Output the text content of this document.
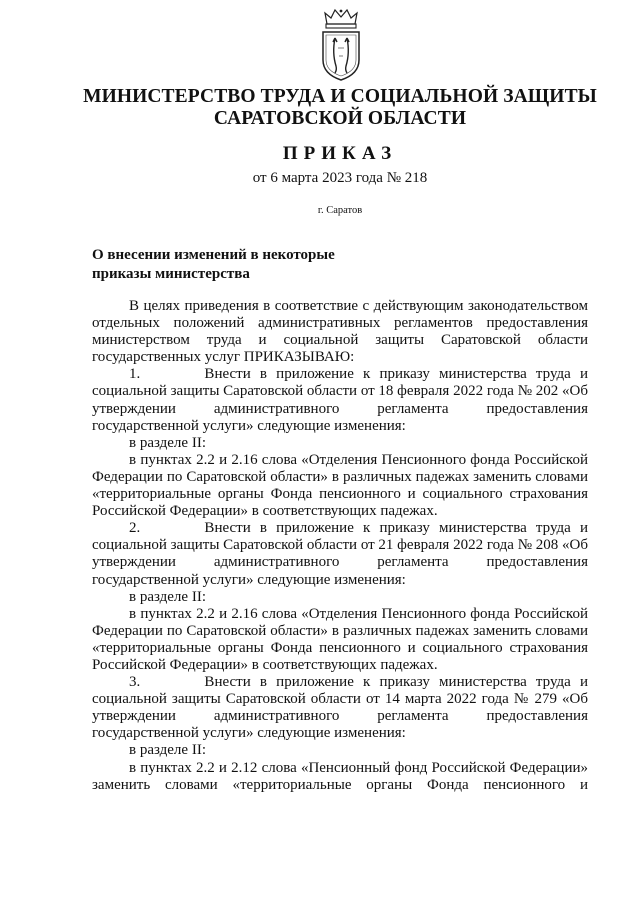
МИНИСТЕРСТВО ТРУДА И СОЦИАЛЬНОЙ ЗАЩИТЫ
САРАТОВСКОЙ ОБЛАСТИ
ПРИКАЗ
от 6 марта 2023 года № 218
г. Саратов
О внесении изменений в некоторые
приказы министерства

В целях приведения в соответствие с действующим законодательством отдельных положений административных регламентов предоставления министерством труда и социальной защиты Саратовской области государственных услуг ПРИКАЗЫВАЮ:

1.       Внести в приложение к приказу министерства труда и социальной защиты Саратовской области от 18 февраля 2022 года № 202 «Об утверждении административного регламента предоставления государственной услуги» следующие изменения:

в разделе II:

в пунктах 2.2 и 2.16 слова «Отделения Пенсионного фонда Российской Федерации по Саратовской области» в различных падежах заменить словами «территориальные органы Фонда пенсионного и социального страхования Российской Федерации» в соответствующих падежах.

2.       Внести в приложение к приказу министерства труда и социальной защиты Саратовской области от 21 февраля 2022 года № 208 «Об утверждении административного регламента предоставления государственной услуги» следующие изменения:

в разделе II:

в пунктах 2.2 и 2.16 слова «Отделения Пенсионного фонда Российской Федерации по Саратовской области» в различных падежах заменить словами «территориальные органы Фонда пенсионного и социального страхования Российской Федерации» в соответствующих падежах.

3.       Внести в приложение к приказу министерства труда и социальной защиты Саратовской области от 14 марта 2022 года № 279 «Об утверждении административного регламента предоставления государственной услуги» следующие изменения:

в разделе II:

в пунктах 2.2 и 2.12 слова «Пенсионный фонд Российской Федерации» заменить словами «территориальные органы Фонда пенсионного и
